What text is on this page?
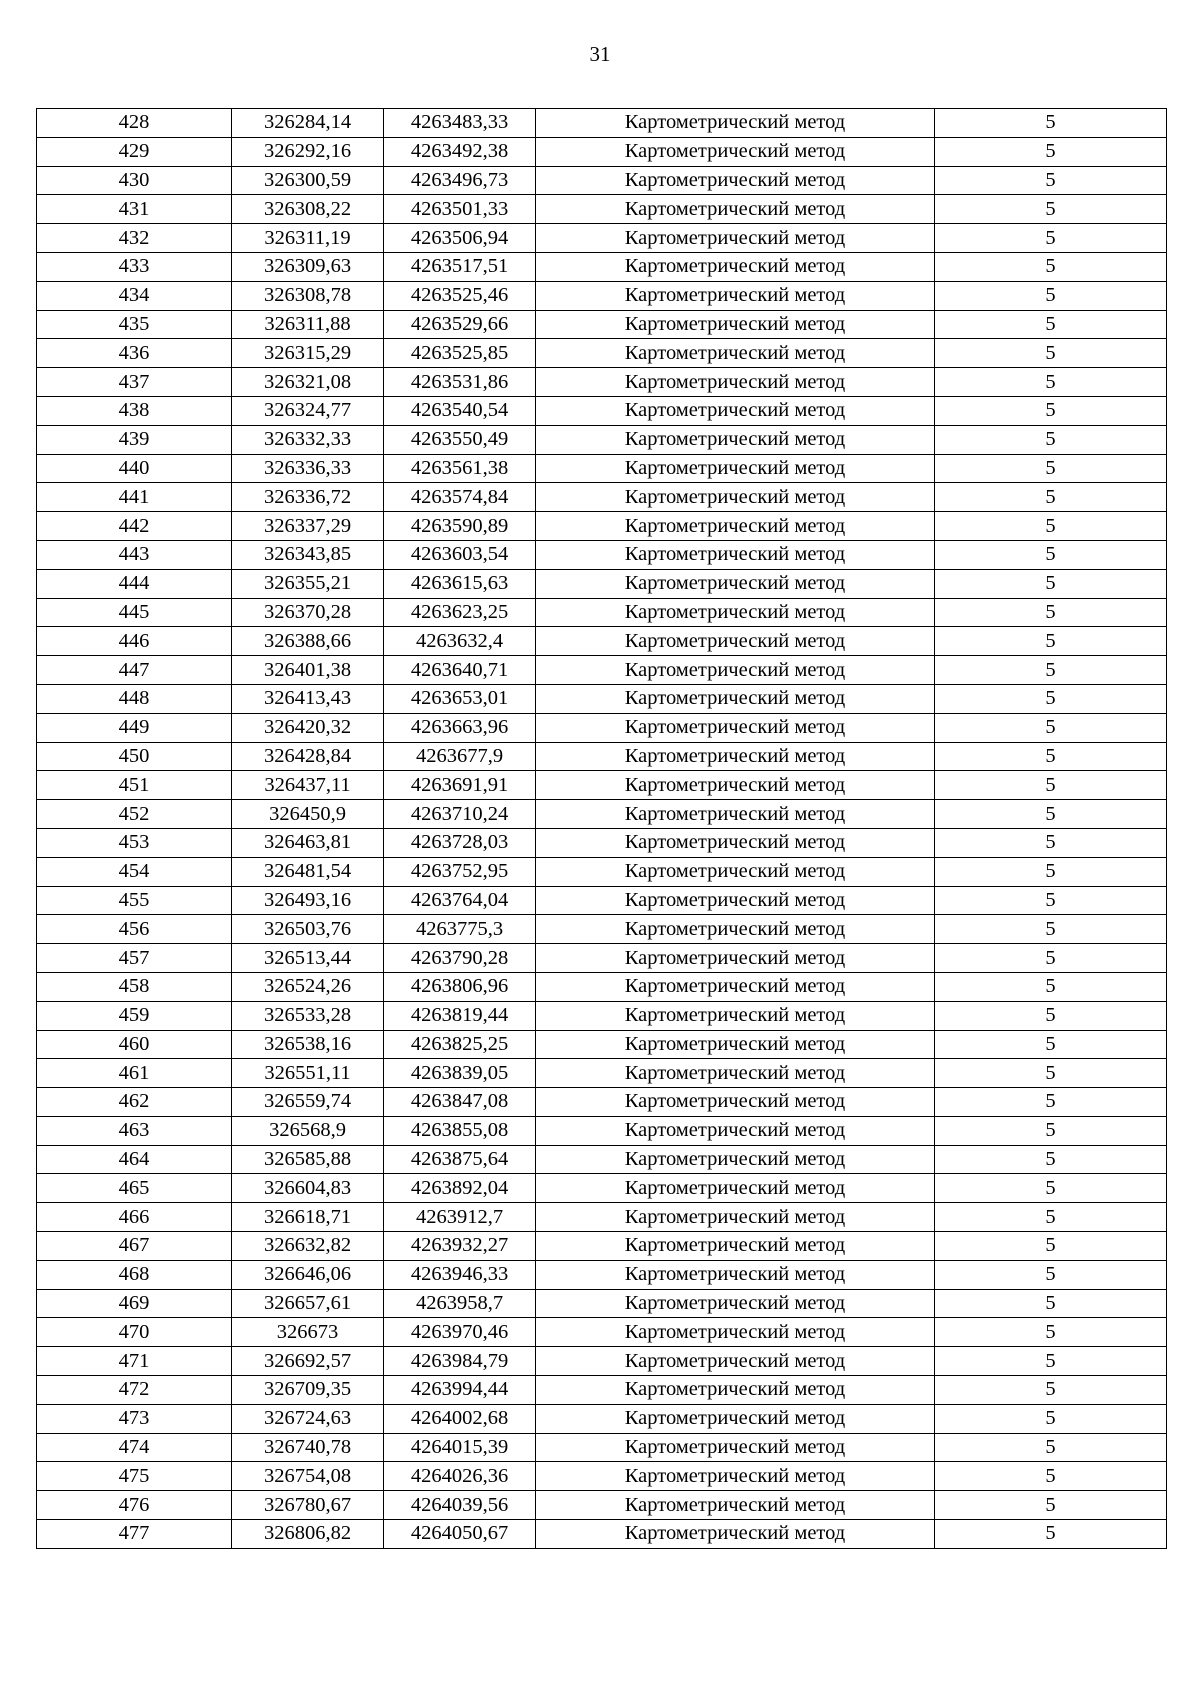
31
428	326284,14	4263483,33	Картометрический метод	5
429	326292,16	4263492,38	Картометрический метод	5
430	326300,59	4263496,73	Картометрический метод	5
431	326308,22	4263501,33	Картометрический метод	5
432	326311,19	4263506,94	Картометрический метод	5
433	326309,63	4263517,51	Картометрический метод	5
434	326308,78	4263525,46	Картометрический метод	5
435	326311,88	4263529,66	Картометрический метод	5
436	326315,29	4263525,85	Картометрический метод	5
437	326321,08	4263531,86	Картометрический метод	5
438	326324,77	4263540,54	Картометрический метод	5
439	326332,33	4263550,49	Картометрический метод	5
440	326336,33	4263561,38	Картометрический метод	5
441	326336,72	4263574,84	Картометрический метод	5
442	326337,29	4263590,89	Картометрический метод	5
443	326343,85	4263603,54	Картометрический метод	5
444	326355,21	4263615,63	Картометрический метод	5
445	326370,28	4263623,25	Картометрический метод	5
446	326388,66	4263632,4	Картометрический метод	5
447	326401,38	4263640,71	Картометрический метод	5
448	326413,43	4263653,01	Картометрический метод	5
449	326420,32	4263663,96	Картометрический метод	5
450	326428,84	4263677,9	Картометрический метод	5
451	326437,11	4263691,91	Картометрический метод	5
452	326450,9	4263710,24	Картометрический метод	5
453	326463,81	4263728,03	Картометрический метод	5
454	326481,54	4263752,95	Картометрический метод	5
455	326493,16	4263764,04	Картометрический метод	5
456	326503,76	4263775,3	Картометрический метод	5
457	326513,44	4263790,28	Картометрический метод	5
458	326524,26	4263806,96	Картометрический метод	5
459	326533,28	4263819,44	Картометрический метод	5
460	326538,16	4263825,25	Картометрический метод	5
461	326551,11	4263839,05	Картометрический метод	5
462	326559,74	4263847,08	Картометрический метод	5
463	326568,9	4263855,08	Картометрический метод	5
464	326585,88	4263875,64	Картометрический метод	5
465	326604,83	4263892,04	Картометрический метод	5
466	326618,71	4263912,7	Картометрический метод	5
467	326632,82	4263932,27	Картометрический метод	5
468	326646,06	4263946,33	Картометрический метод	5
469	326657,61	4263958,7	Картометрический метод	5
470	326673	4263970,46	Картометрический метод	5
471	326692,57	4263984,79	Картометрический метод	5
472	326709,35	4263994,44	Картометрический метод	5
473	326724,63	4264002,68	Картометрический метод	5
474	326740,78	4264015,39	Картометрический метод	5
475	326754,08	4264026,36	Картометрический метод	5
476	326780,67	4264039,56	Картометрический метод	5
477	326806,82	4264050,67	Картометрический метод	5
